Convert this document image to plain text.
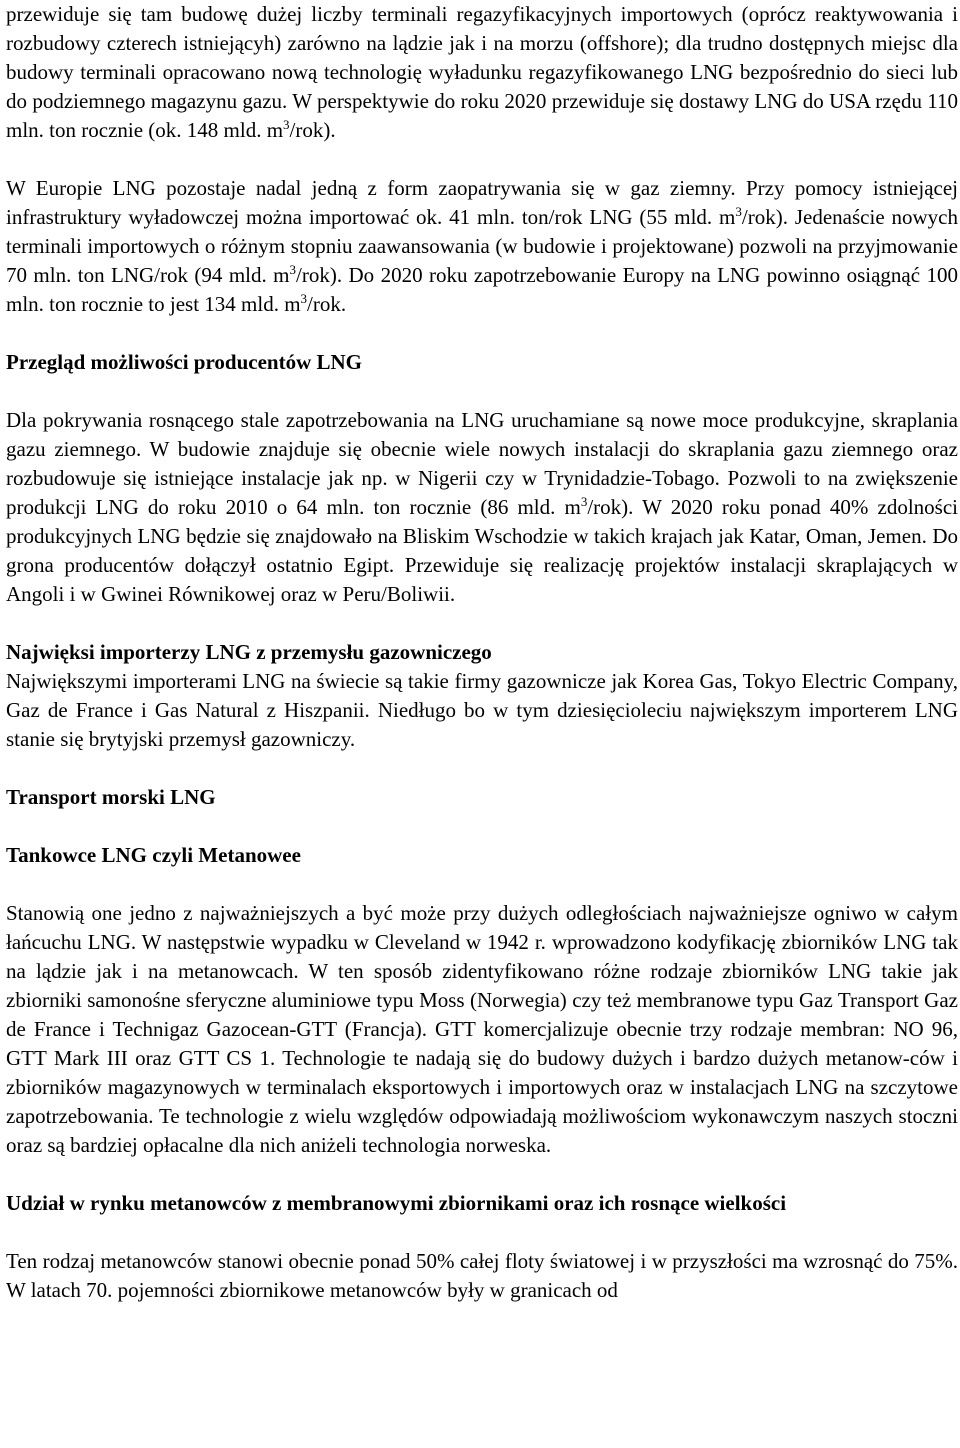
przewiduje się tam budowę dużej liczby terminali regazyfikacyjnych importowych (oprócz reaktywowania i rozbudowy czterech istniejącyh) zarówno na lądzie jak i na morzu (offshore); dla trudno dostępnych miejsc dla budowy terminali opracowano nową technologię wyładunku regazyfikowanego LNG bezpośrednio do sieci lub do podziemnego magazynu gazu. W perspektywie do roku 2020 przewiduje się dostawy LNG do USA rzędu 110 mln. ton rocznie (ok. 148 mld. $m^3/rok$).

W Europie LNG pozostaje nadal jedną z form zaopatrywania się w gaz ziemny. Przy pomocy istniejącej infrastruktury wyładowczej można importować ok. 41 mln. ton/rok LNG (55 mld. $m^3/rok$). Jedenaście nowych terminali importowych o różnym stopniu zaawansowania (w budowie i projektowane) pozwoli na przyjmowanie 70 mln. ton LNG/rok (94 mld. $m^3/rok$). Do 2020 roku zapotrzebowanie Europy na LNG powinno osiągnąć 100 mln. ton rocznie to jest 134 mld. $m^3$/rok.

Przegląd możliwości producentów LNG

Dla pokrywania rosnącego stale zapotrzebowania na LNG uruchamiane są nowe moce produkcyjne, skraplania gazu ziemnego. W budowie znajduje się obecnie wiele nowych instalacji do skraplania gazu ziemnego oraz rozbudowuje się istniejące instalacje jak np. w Nigerii czy w Trynidadzie-Tobago. Pozwoli to na zwiększenie produkcji LNG do roku 2010 o 64 mln. ton rocznie (86 mld. $m^3/rok$). W 2020 roku ponad 40% zdolności produkcyjnych LNG będzie się znajdowało na Bliskim Wschodzie w takich krajach jak Katar, Oman, Jemen. Do grona producentów dołączył ostatnio Egipt. Przewiduje się realizację projektów instalacji skraplających w Angoli i w Gwinei Równikowej oraz w Peru/Boliwii.

Najwięksi importerzy LNG z przemysłu gazowniczego

Największymi importerami LNG na świecie są takie firmy gazownicze jak Korea Gas, Tokyo Electric Company, Gaz de France i Gas Natural z Hiszpanii. Niedługo bo w tym dziesięcioleciu największym importerem LNG stanie się brytyjski przemysł gazowniczy.

Transport morski LNG
Tankowce LNG czyli Metanowee

Stanowią one jedno z najważniejszych a być może przy dużych odległościach najważniejsze ogniwo w całym łańcuchu LNG. W następstwie wypadku w Cleveland w 1942 r. wprowadzono kodyfikację zbiorników LNG tak na lądzie jak i na metanowcach. W ten sposób zidentyfikowano różne rodzaje zbiorników LNG takie jak zbiorniki samonośne sferyczne aluminiowe typu Moss (Norwegia) czy też membranowe typu Gaz Transport Gaz de France i Technigaz Gazocean-GTT (Francja). GTT komercjalizuje obecnie trzy rodzaje membran: NO 96, GTT Mark III oraz GTT CS 1. Technologie te nadają się do budowy dużych i bardzo dużych metanow-ców i zbiorników magazynowych w terminalach eksportowych i importowych oraz w instalacjach LNG na szczytowe zapotrzebowania. Te technologie z wielu względów odpowiadają możliwościom wykonawczym naszych stoczni oraz są bardziej opłacalne dla nich aniżeli technologia norweska.

Udział w rynku metanowców z membranowymi zbiornikami oraz ich rosnące wielkości

Ten rodzaj metanowców stanowi obecnie ponad 50% całej floty światowej i w przyszłości ma wzrosnąć do 75%. W latach 70. pojemności zbiornikowe metanowców były w granicach od
